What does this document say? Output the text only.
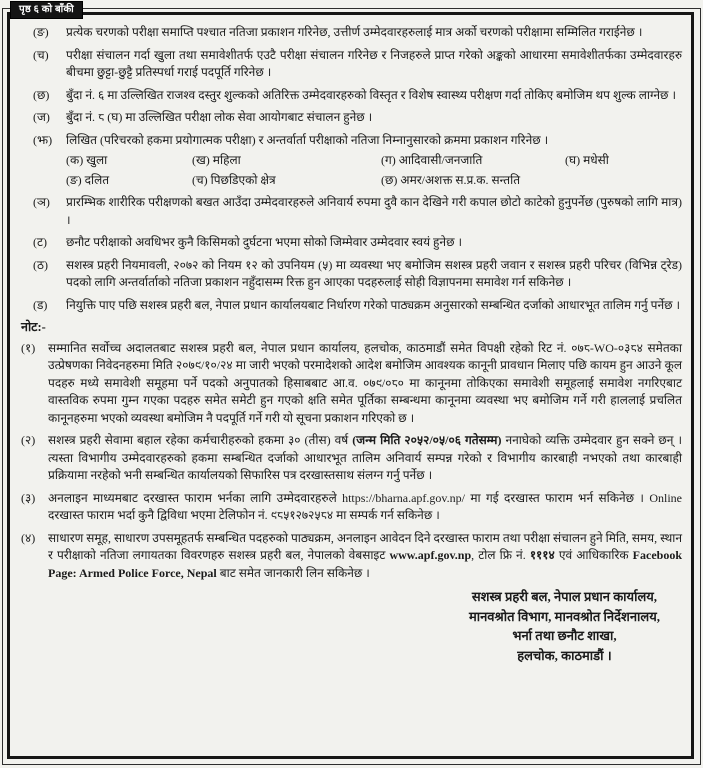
(ङ)	प्रत्येक चरणको परीक्षा समाप्ति पश्चात नतिजा प्रकाशन गरिनेछ, उत्तीर्ण उम्मेदवारहरुलाई मात्र अर्को चरणको परीक्षामा सम्मिलित गराईनेछ ।
(च)	परीक्षा संचालन गर्दा खुला तथा समावेशीतर्फ एउटै परीक्षा संचालन गरिनेछ र निजहरुले प्राप्त गरेको अङ्कको आधारमा समावेशीतर्फका उम्मेदवारहरु बीचमा छुट्टा-छुट्टै प्रतिस्पर्धा गराई पदपूर्ति गरिनेछ ।
(छ)	बुँदा नं. ६ मा उल्लिखित राजश्व दस्तुर शुल्कको अतिरिक्त उम्मेदवारहरुको विस्तृत र विशेष स्वास्थ्य परीक्षण गर्दा तोकिए बमोजिम थप शुल्क लाग्नेछ ।
(ज)	बुँदा नं. ८ (घ) मा उल्लिखित परीक्षा लोक सेवा आयोगबाट संचालन हुनेछ ।
(झ)	लिखित (परिचरको हकमा प्रयोगात्मक परीक्षा) र अन्तर्वार्ता परीक्षाको नतिजा निम्नानुसारको क्रममा प्रकाशन गरिनेछ ।
(क) खुला	(ख) महिला	(ग) आदिवासी/जनजाति	(घ) मधेसी
(ङ) दलित	(च) पिछडिएको क्षेत्र	(छ) अमर/अशक्त स.प्र.क. सन्तति
(ञ)	प्रारम्भिक शारीरिक परीक्षणको बखत आउँदा उम्मेदवारहरुले अनिवार्य रुपमा दुवै कान देखिने गरी कपाल छोटो काटेको हुनुपर्नेछ (पुरुषको लागि मात्र) ।
(ट)	छनौट परीक्षाको अवधिभर कुनै किसिमको दुर्घटना भएमा सोको जिम्मेवार उम्मेदवार स्वयं हुनेछ ।
(ठ)	सशस्त्र प्रहरी नियमावली, २०७२ को नियम १२ को उपनियम (५) मा व्यवस्था भए बमोजिम सशस्त्र प्रहरी जवान र सशस्त्र प्रहरी परिचर (विभिन्न ट्रेड) पदको लागि अन्तर्वार्ताको नतिजा प्रकाशन नहुँदासम्म रिक्त हुन आएका पदहरुलाई सोही विज्ञापनमा समावेश गर्न सकिनेछ ।
(ड)	नियुक्ति पाए पछि सशस्त्र प्रहरी बल, नेपाल प्रधान कार्यालयबाट निर्धारण गरेको पाठ्यक्रम अनुसारको सम्बन्धित दर्जाको आधारभूत तालिम गर्नु पर्नेछ ।
नोट:-
(१)	सम्मानित सर्वोच्च अदालतबाट सशस्त्र प्रहरी बल, नेपाल प्रधान कार्यालय, हलचोक, काठमाडौं समेत विपक्षी रहेको रिट नं. ०७८-WO-०३८४ समेतका उत्प्रेषणका निवेदनहरुमा मिति २०७९/१०/२४ मा जारी भएको परमादेशको आदेश बमोजिम आवश्यक कानूनी प्रावधान मिलाए पछि कायम हुन आउने कूल पदहरु मध्ये समावेशी समूहमा पर्ने पदको अनुपातको हिसाबबाट आ.व. ०७९/०८० मा कानूनमा तोकिएका समावेशी समूहलाई समावेश नगरिएबाट वास्तविक रुपमा गुम्न गएका पदहरु समेत समेटी हुन गएको क्षति समेत पूर्तिका सम्बन्धमा कानूनमा व्यवस्था भए बमोजिम गर्ने गरी हाललाई प्रचलित कानूनहरुमा भएको व्यवस्था बमोजिम नै पदपूर्ति गर्ने गरी यो सूचना प्रकाशन गरिएको छ ।
(२)	सशस्त्र प्रहरी सेवामा बहाल रहेका कर्मचारीहरुको हकमा ३० (तीस) वर्ष (जन्म मिति २०५२/०५/०६ गतेसम्म) ननाघेको व्यक्ति उम्मेदवार हुन सक्ने छन् । त्यस्ता विभागीय उम्मेदवारहरुको हकमा सम्बन्धित दर्जाको आधारभूत तालिम अनिवार्य सम्पन्न गरेको र विभागीय कारबाही नभएको तथा कारबाही प्रक्रियामा नरहेको भनी सम्बन्धित कार्यालयको सिफारिस पत्र दरखास्तसाथ संलग्न गर्नु पर्नेछ ।
(३)	अनलाइन माध्यमबाट दरखास्त फाराम भर्नका लागि उम्मेदवारहरुले https://bharna.apf.gov.np/ मा गई दरखास्त फाराम भर्न सकिनेछ । Online दरखास्त फाराम भर्दा कुनै द्विविधा भएमा टेलिफोन नं. ९८५१२७२५८४ मा सम्पर्क गर्न सकिनेछ ।
(४)	साधारण समूह, साधारण उपसमूहतर्फ सम्बन्धित पदहरुको पाठ्यक्रम, अनलाइन आवेदन दिने दरखास्त फाराम तथा परीक्षा संचालन हुने मिति, समय, स्थान र परीक्षाको नतिजा लगायतका विवरणहरु सशस्त्र प्रहरी बल, नेपालको वेबसाइट www.apf.gov.np, टोल फ्रि नं. १११४ एवं आधिकारिक Facebook Page: Armed Police Force, Nepal बाट समेत जानकारी लिन सकिनेछ ।
सशस्त्र प्रहरी बल, नेपाल प्रधान कार्यालय,
मानवश्रोत विभाग, मानवश्रोत निर्देशनालय,
भर्ना तथा छनौट शाखा,
हलचोक, काठमाडौं ।
पृष्ठ ६ को बाँकी
